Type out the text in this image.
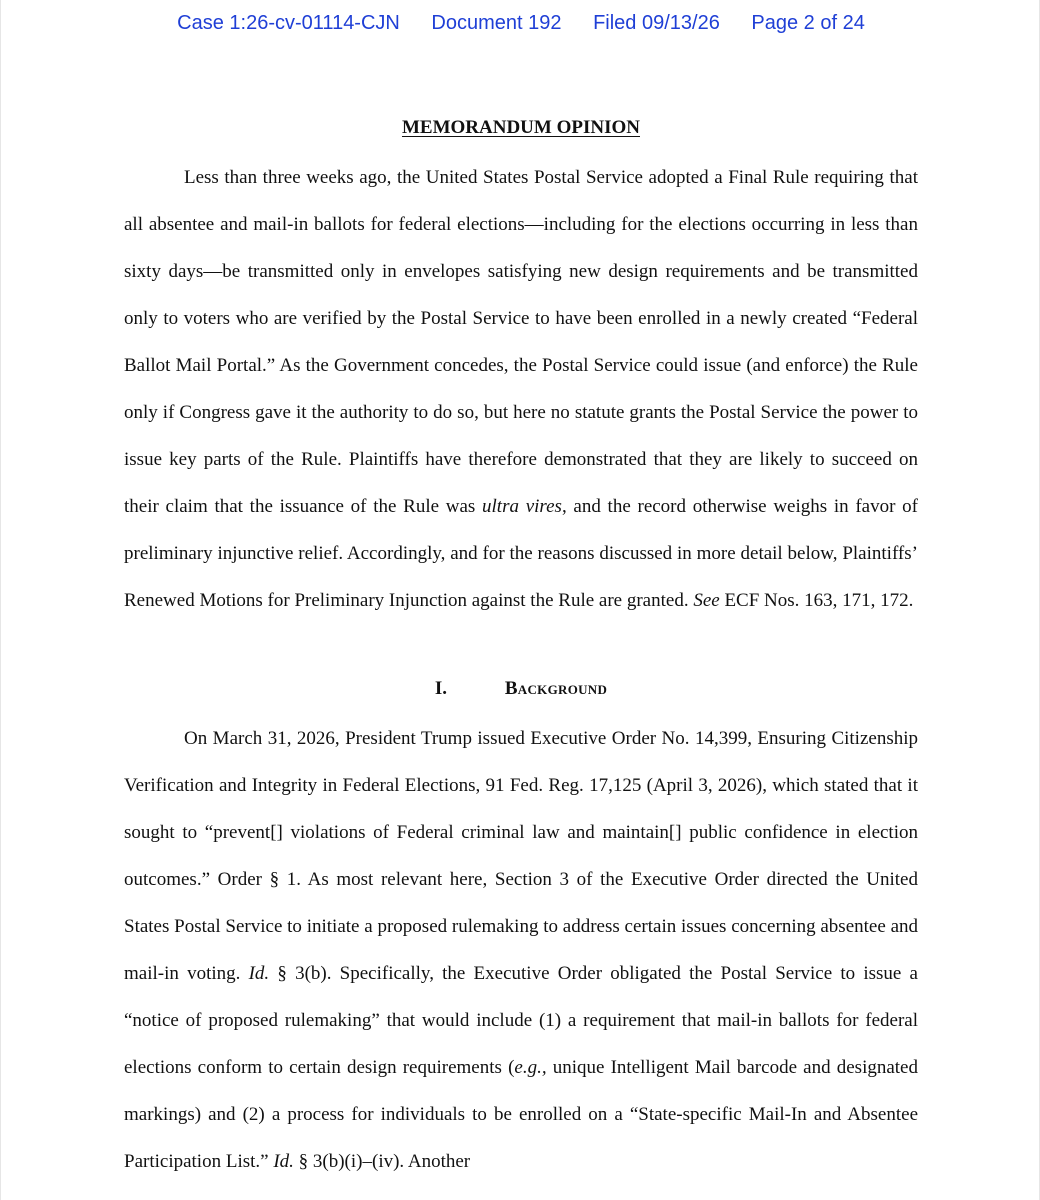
Case 1:26-cv-01114-CJN Document 192 Filed 09/13/26 Page 2 of 24
MEMORANDUM OPINION

Less than three weeks ago, the United States Postal Service adopted a Final Rule requiring that all absentee and mail-in ballots for federal elections—including for the elections occurring in less than sixty days—be transmitted only in envelopes satisfying new design requirements and be transmitted only to voters who are verified by the Postal Service to have been enrolled in a newly created “Federal Ballot Mail Portal.” As the Government concedes, the Postal Service could issue (and enforce) the Rule only if Congress gave it the authority to do so, but here no statute grants the Postal Service the power to issue key parts of the Rule. Plaintiffs have therefore demonstrated that they are likely to succeed on their claim that the issuance of the Rule was ultra vires, and the record otherwise weighs in favor of preliminary injunctive relief. Accordingly, and for the reasons discussed in more detail below, Plaintiffs’ Renewed Motions for Preliminary Injunction against the Rule are granted. See ECF Nos. 163, 171, 172.

I.	Background

On March 31, 2026, President Trump issued Executive Order No. 14,399, Ensuring Citizenship Verification and Integrity in Federal Elections, 91 Fed. Reg. 17,125 (April 3, 2026), which stated that it sought to “prevent[] violations of Federal criminal law and maintain[] public confidence in election outcomes.” Order § 1. As most relevant here, Section 3 of the Executive Order directed the United States Postal Service to initiate a proposed rulemaking to address certain issues concerning absentee and mail-in voting. Id. § 3(b). Specifically, the Executive Order obligated the Postal Service to issue a “notice of proposed rulemaking” that would include (1) a requirement that mail-in ballots for federal elections conform to certain design requirements (e.g., unique Intelligent Mail barcode and designated markings) and (2) a process for individuals to be enrolled on a “State-specific Mail-In and Absentee Participation List.” Id. § 3(b)(i)–(iv). Another
